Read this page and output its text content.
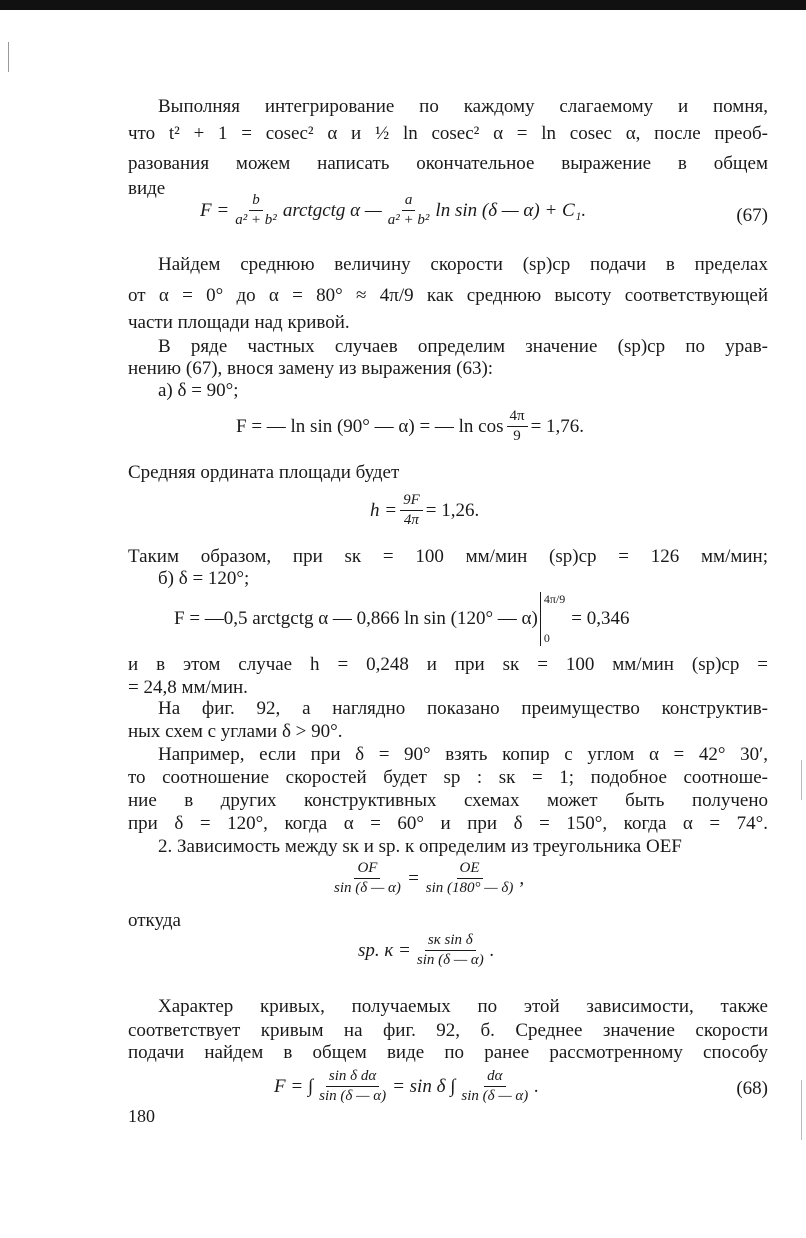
Выполняя интегрирование по каждому слагаемому и помня,
что t² + 1 = cosec² α и ½ ln cosec² α = ln cosec α, после преоб-
разования можем написать окончательное выражение в общем
виде
$F = \frac{b}{\text{a² + b²}}$ arctgctg α — $\frac{a}{\text{a² + b²}}$ ln sin (δ — α) + C₁.	(67)
Найдем среднюю величину скорости (sр)ср подачи в пределах
от α = 0° до α = 80° ≈ 4π/9 как среднюю высоту соответствующей
части площади над кривой.
В ряде частных случаев определим значение (sр)ср по урав-
нению (67), внося замену из выражения (63):
а) δ = 90°;
F = — ln sin (90° — α) = — $\ln \cos \frac{4\pi}{9} = 1,76$.
Средняя ордината площади будет
$h = \frac{9F}{4\pi} = 1,26$.
Таким образом, при sк = 100 мм/мин (sр)ср = 126 мм/мин;
б) δ = 120°;
F = —0,5 arctgctg α — 0,866 ln sin (120° — α)
4π/9
0
= 0,346
и в этом случае h = 0,248 и при sк = 100 мм/мин (sр)ср =
= 24,8 мм/мин.
На фиг. 92, а наглядно показано преимущество конструктив-
ных схем с углами δ > 90°.
Например, если при δ = 90° взять копир с углом α = 42° 30′,
то соотношение скоростей будет sр : sк = 1; подобное соотноше-
ние в других конструктивных схемах может быть получено
при δ = 120°, когда α = 60° и при δ = 150°, когда α = 74°.
2. Зависимость между sк и sр. к определим из треугольника OEF
$\frac{OF}{\sin (\delta — \alpha)} = \frac{OE}{\sin (180^\circ — \delta)}$ ,
откуда
sр. $к = \frac{\text{sк sin δ}}{\sin (\delta — \alpha)}$ .
Характер кривых, получаемых по этой зависимости, также
соответствует кривым на фиг. 92, б. Среднее значение скорости
подачи найдем в общем виде по ранее рассмотренному способу
F = ∫ $\frac{\text{sin δ dα}}{\sin (\delta — \alpha)} = \sin \delta$ ∫ $\frac{d\alpha}{\sin (\delta — \alpha)}$ .	(68)
180
